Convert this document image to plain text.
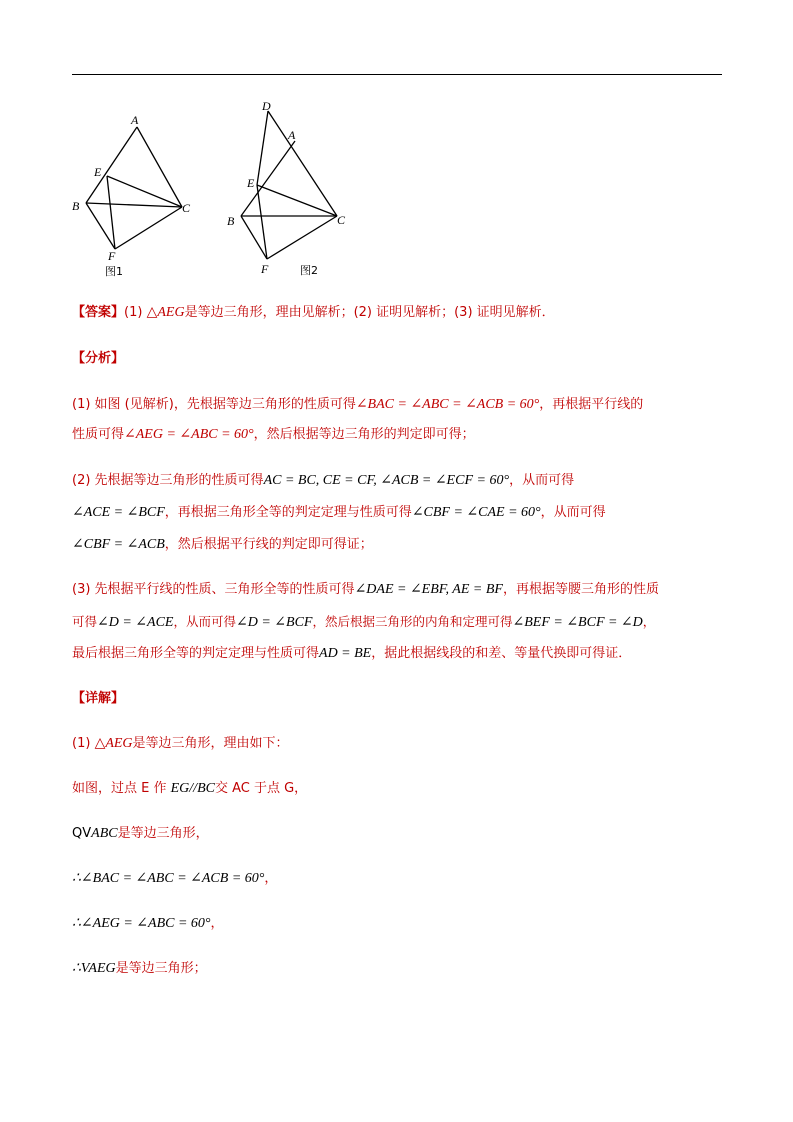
A
E
B	C
F
图1
D
A
E
B	C
F	图2
【答案】(1) △AEG是等边三角形，理由见解析；(2) 证明见解析；(3) 证明见解析．
【分析】
(1) 如图 (见解析)，先根据等边三角形的性质可得∠BAC = ∠ABC = ∠ACB = 60°，再根据平行线的
性质可得∠AEG = ∠ABC = 60°，然后根据等边三角形的判定即可得；
(2) 先根据等边三角形的性质可得AC = BC, CE = CF, ∠ACB = ∠ECF = 60°，从而可得
∠ACE = ∠BCF，再根据三角形全等的判定定理与性质可得∠CBF = ∠CAE = 60°，从而可得
∠CBF = ∠ACB，然后根据平行线的判定即可得证；
(3) 先根据平行线的性质、三角形全等的性质可得∠DAE = ∠EBF, AE = BF，再根据等腰三角形的性质
可得∠D = ∠ACE，从而可得∠D = ∠BCF，然后根据三角形的内角和定理可得∠BEF = ∠BCF = ∠D，
最后根据三角形全等的判定定理与性质可得AD = BE，据此根据线段的和差、等量代换即可得证．
【详解】
(1) △AEG是等边三角形，理由如下：
如图，过点 E 作 EG//BC交 AC 于点 G，
QVABC是等边三角形，
∴∠BAC = ∠ABC = ∠ACB = 60°，
∴∠AEG = ∠ABC = 60°，
∴VAEG是等边三角形；
